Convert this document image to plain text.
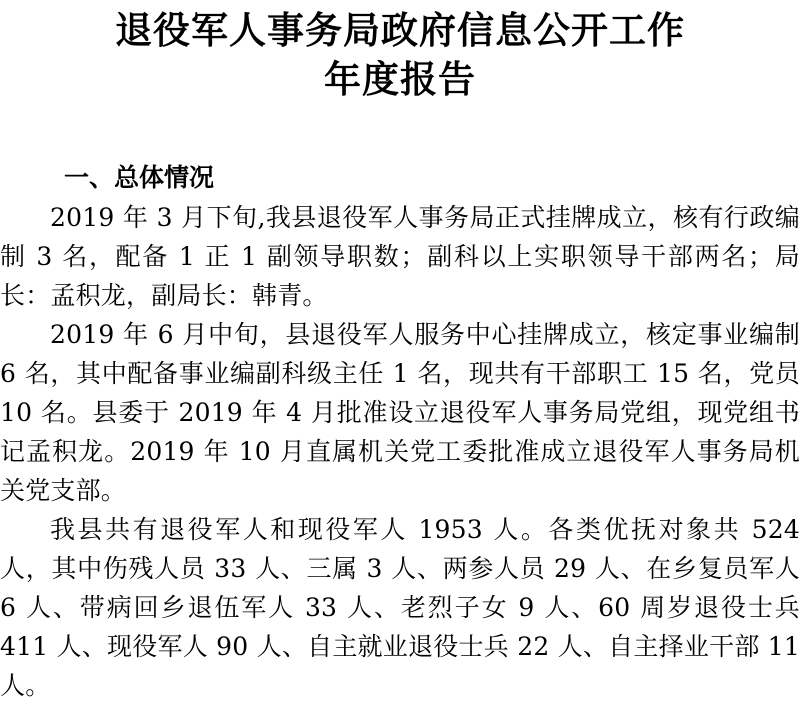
退役军人事务局政府信息公开工作
年度报告
一、总体情况

2019 年 3 月下旬,我县退役军人事务局正式挂牌成立，核有行政编制 3 名，配备 1 正 1 副领导职数；副科以上实职领导干部两名；局长：孟积龙，副局长：韩青。

2019 年 6 月中旬，县退役军人服务中心挂牌成立，核定事业编制 6 名，其中配备事业编副科级主任 1 名，现共有干部职工 15 名，党员 10 名。县委于 2019 年 4 月批准设立退役军人事务局党组，现党组书记孟积龙。2019 年 10 月直属机关党工委批准成立退役军人事务局机关党支部。

我县共有退役军人和现役军人 1953 人。各类优抚对象共 524 人，其中伤残人员 33 人、三属 3 人、两参人员 29 人、在乡复员军人 6 人、带病回乡退伍军人 33 人、老烈子女 9 人、60 周岁退役士兵 411 人、现役军人 90 人、自主就业退役士兵 22 人、自主择业干部 11 人。
